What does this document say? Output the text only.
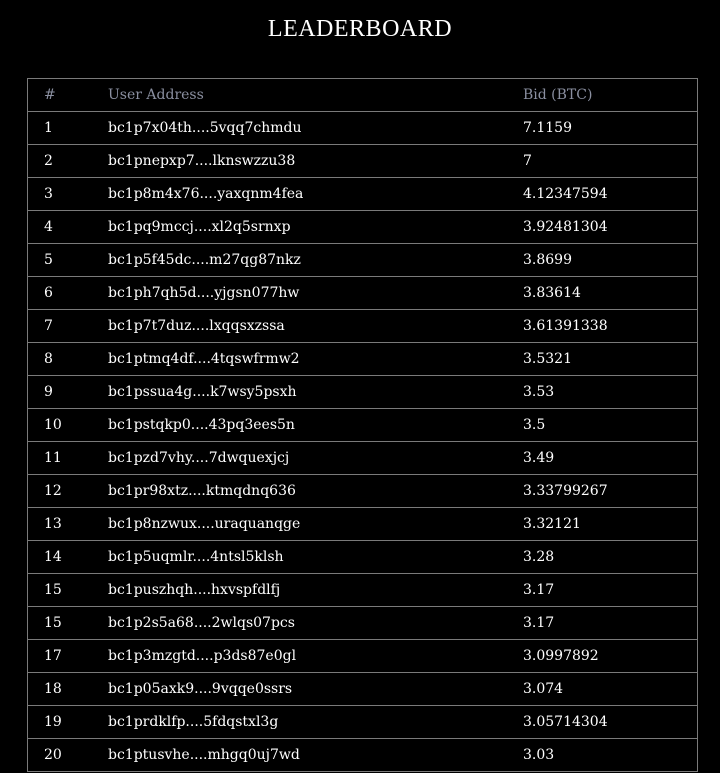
LEADERBOARD
#	User Address	Bid (BTC)
1	bc1p7x04th....5vqq7chmdu	7.1159
2	bc1pnepxp7....lknswzzu38	7
3	bc1p8m4x76....yaxqnm4fea	4.12347594
4	bc1pq9mccj....xl2q5srnxp	3.92481304
5	bc1p5f45dc....m27qg87nkz	3.8699
6	bc1ph7qh5d....yjgsn077hw	3.83614
7	bc1p7t7duz....lxqqsxzssa	3.61391338
8	bc1ptmq4df....4tqswfrmw2	3.5321
9	bc1pssua4g....k7wsy5psxh	3.53
10	bc1pstqkp0....43pq3ees5n	3.5
11	bc1pzd7vhy....7dwquexjcj	3.49
12	bc1pr98xtz....ktmqdnq636	3.33799267
13	bc1p8nzwux....uraquanqge	3.32121
14	bc1p5uqmlr....4ntsl5klsh	3.28
15	bc1puszhqh....hxvspfdlfj	3.17
15	bc1p2s5a68....2wlqs07pcs	3.17
17	bc1p3mzgtd....p3ds87e0gl	3.0997892
18	bc1p05axk9....9vqqe0ssrs	3.074
19	bc1prdklfp....5fdqstxl3g	3.05714304
20	bc1ptusvhe....mhgq0uj7wd	3.03
